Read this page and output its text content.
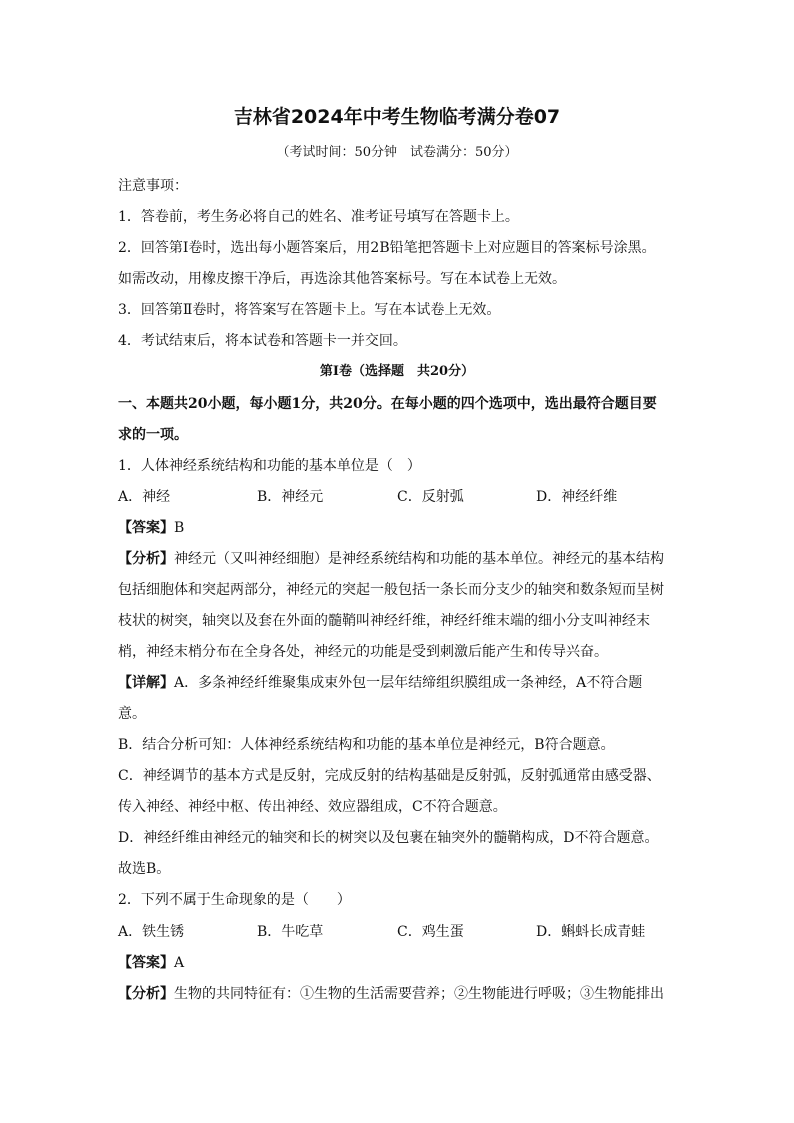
吉林省2024年中考生物临考满分卷07
（考试时间：50分钟　试卷满分：50分）
注意事项：
1．答卷前，考生务必将自己的姓名、准考证号填写在答题卡上。
2．回答第Ⅰ卷时，选出每小题答案后，用2B铅笔把答题卡上对应题目的答案标号涂黑。
如需改动，用橡皮擦干净后，再选涂其他答案标号。写在本试卷上无效。
3．回答第Ⅱ卷时，将答案写在答题卡上。写在本试卷上无效。
4．考试结束后，将本试卷和答题卡一并交回。
第Ⅰ卷（选择题　共20分）
一、本题共20小题，每小题1分，共20分。在每小题的四个选项中，选出最符合题目要
求的一项。
1．人体神经系统结构和功能的基本单位是（　）
A．神经	B．神经元	C．反射弧	D．神经纤维
【答案】B
【分析】神经元（又叫神经细胞）是神经系统结构和功能的基本单位。神经元的基本结构
包括细胞体和突起两部分，神经元的突起一般包括一条长而分支少的轴突和数条短而呈树
枝状的树突，轴突以及套在外面的髓鞘叫神经纤维，神经纤维末端的细小分支叫神经末
梢，神经末梢分布在全身各处，神经元的功能是受到刺激后能产生和传导兴奋。
【详解】A．多条神经纤维聚集成束外包一层年结缔组织膜组成一条神经，A不符合题
意。
B．结合分析可知：人体神经系统结构和功能的基本单位是神经元，B符合题意。
C．神经调节的基本方式是反射，完成反射的结构基础是反射弧，反射弧通常由感受器、
传入神经、神经中枢、传出神经、效应器组成，C不符合题意。
D．神经纤维由神经元的轴突和长的树突以及包裹在轴突外的髓鞘构成，D不符合题意。
故选B。
2．下列不属于生命现象的是（　　）
A．铁生锈	B．牛吃草	C．鸡生蛋	D．蝌蚪长成青蛙
【答案】A
【分析】生物的共同特征有：①生物的生活需要营养；②生物能进行呼吸；③生物能排出
